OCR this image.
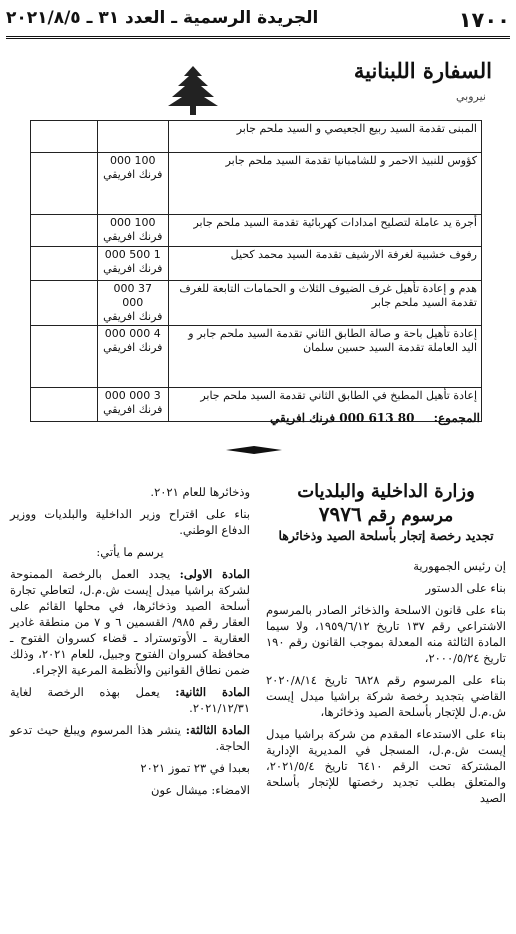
١٧٠٠
الجريدة الرسمية ـ العدد ٣١ ـ ٢٠٢١/٨/٥
السفارة اللبنانية
نيروبي
المبنى تقدمة السيد ربيع الجعيصي و السيد ملحم جابر	

كؤوس للنبيذ الاحمر و للشامبانيا تقدمة السيد ملحم جابر	100 000
فرنك افريقي	

أجرة يد عاملة لتصليح امدادات كهربائية تقدمة السيد ملحم جابر	100 000
فرنك افريقي	

رفوف خشبية لغرفة الارشيف تقدمة السيد محمد كحيل	1 500 000
فرنك افريقي	

هدم و إعادة تأهيل غرف الضيوف الثلاث و الحمامات التابعة للغرف تقدمة السيد ملحم جابر	37 000 000
فرنك افريقي	

إعادة تأهيل باحة و صالة الطابق الثاني تقدمة السيد ملحم جابر و اليد العاملة تقدمة السيد حسين سلمان	4 000 000
فرنك افريقي	

إعادة تأهيل المطبخ في الطابق الثاني تقدمة السيد ملحم جابر	3 000 000
فرنك افريقي	

المجموع:
80 613 000 فرنك افريقي
وزارة الداخلية والبلديات
مرسوم رقم ٧٩٧٦
تجديد رخصة إتجار بأسلحة الصيد وذخائرها

إن رئيس الجمهورية

بناء على الدستور

بناء على قانون الاسلحة والذخائر الصادر بالمرسوم الاشتراعي رقم ١٣٧ تاريخ ١٩٥٩/٦/١٢، ولا سيما المادة الثالثة منه المعدلة بموجب القانون رقم ١٩٠ تاريخ ٢٠٠٠/٥/٢٤،

بناء على المرسوم رقم ٦٨٢٨ تاريخ ٢٠٢٠/٨/١٤ القاضي بتجديد رخصة شركة براشيا ميدل إيست ش.م.ل للإتجار بأسلحة الصيد وذخائرها،

بناء على الاستدعاء المقدم من شركة براشيا ميدل إيست ش.م.ل، المسجل في المديرية الإدارية المشتركة تحت الرقم ٦٤١٠ تاريخ ٢٠٢١/٥/٤، والمتعلق بطلب تجديد رخصتها للإتجار بأسلحة الصيد

وذخائرها للعام ٢٠٢١.

بناء على اقتراح وزير الداخلية والبلديات ووزير الدفاع الوطني.

يرسم ما يأتي:

المادة الاولى: يجدد العمل بالرخصة الممنوحة لشركة براشيا ميدل إيست ش.م.ل، لتعاطي تجارة أسلحة الصيد وذخائرها، في محلها القائم على العقار رقم ٩٨٥/ القسمين ٦ و ٧ من منطقة غادير العقارية ـ الأوتوستراد ـ قضاء كسروان الفتوح ـ محافظة كسروان الفتوح وجبيل، للعام ٢٠٢١، وذلك ضمن نطاق القوانين والأنظمة المرعية الإجراء.

المادة الثانية: يعمل بهذه الرخصة لغاية ٢٠٢١/١٢/٣١.

المادة الثالثة: ينشر هذا المرسوم ويبلغ حيث تدعو الحاجة.

بعبدا في ٢٣ تموز ٢٠٢١

الامضاء: ميشال عون
